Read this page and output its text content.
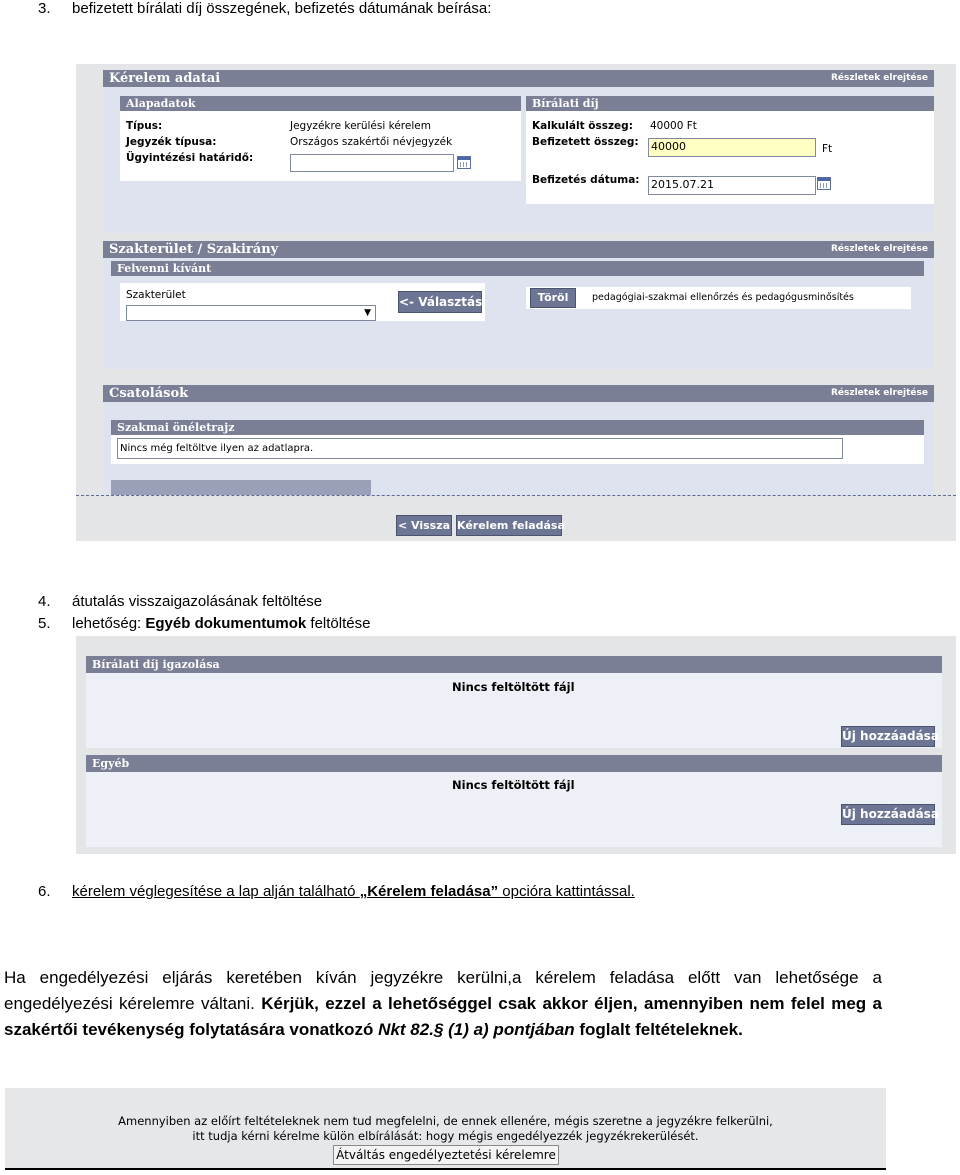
3. befizetett bírálati díj összegének, befizetés dátumának beírása:
Kérelem adatai	Részletek elrejtése
Alapadatok
Típus:	Jegyzékre kerülési kérelem
Jegyzék típusa:	Országos szakértői névjegyzék
Ügyintézési határidő:
Bírálati díj
Kalkulált összeg: 40000 Ft
Befizetett összeg: 40000	Ft
Befizetés dátuma: 2015.07.21
Szakterület / Szakirány	Részletek elrejtése
Felvenni kívánt
Szakterület
▼
<- Választás	Töröl	pedagógiai-szakmai ellenőrzés és pedagógusminősítés
Csatolások	Részletek elrejtése
Szakmai önéletrajz
Nincs még feltöltve ilyen az adatlapra.
< Vissza Kérelem feladása
4. átutalás visszaigazolásának feltöltése
5. lehetőség: Egyéb dokumentumok feltöltése
Bírálati díj igazolása
Nincs feltöltött fájl
Új hozzáadása
Egyéb
Nincs feltöltött fájl
Új hozzáadása
6. kérelem véglegesítése a lap alján található „Kérelem feladása” opcióra kattintással.
Ha engedélyezési eljárás keretében kíván jegyzékre kerülni,a kérelem feladása előtt van lehetősége a engedélyezési kérelemre váltani. Kérjük, ezzel a lehetőséggel csak akkor éljen, amennyiben nem felel meg a szakértői tevékenység folytatására vonatkozó Nkt 82.§ (1) a) pontjában foglalt feltételeknek.
Amennyiben az előírt feltételeknek nem tud megfelelni, de ennek ellenére, mégis szeretne a jegyzékre felkerülni,
itt tudja kérni kérelme külön elbírálását: hogy mégis engedélyezzék jegyzékrekerülését.
Átváltás engedélyeztetési kérelemre
